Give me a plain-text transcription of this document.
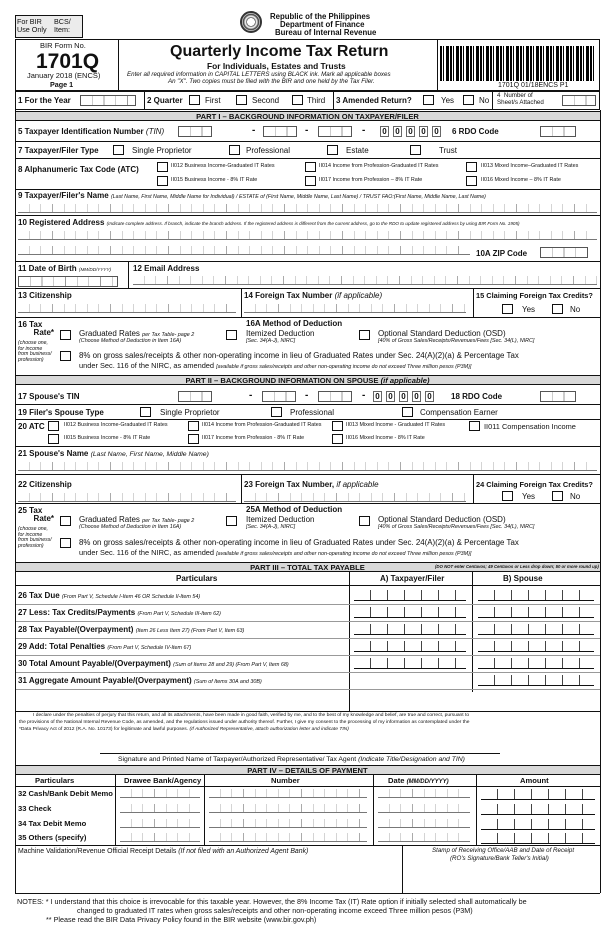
For BIR
Use Only
BCS/
Item:
Republic of the Philippines
Department of Finance
Bureau of Internal Revenue
BIR Form No.
1701Q
January 2018 (ENCS)
Page 1
Quarterly Income Tax Return
For Individuals, Estates and Trusts
Enter all required information in CAPITAL LETTERS using BLACK ink. Mark all applicable boxes
An "X". Two copies must be filed with the BIR and one held by the Tax Filer.
1701Q 01/18ENCS P1
1 For the Year	2 Quarter	First	Second	Third 3 Amended Return?	Yes	No
4  Number of
Sheet/s Attached
PART I – BACKGROUND INFORMATION ON TAXPAYER/FILER
5 Taxpayer Identification Number (TIN)	-	-	- 0 0 0 0 0 6 RDO Code
7 Taxpayer/Filer Type	Single Proprietor	Professional	Estate	Trust
8 Alphanumeric Tax Code (ATC)	II012 Business Income-Graduated IT Rates	II014 Income from Profession-Graduated IT Rates	II013 Mixed Income–Graduated IT Rates
II015 Business Income - 8% IT Rate	II017 Income from Profession – 8% IT Rate	II016 Mixed Income – 8% IT Rate
9 Taxpayer/Filer's Name (Last Name, First Name, Middle Name for Individual) / ESTATE of (First Name, Middle Name, Last Name) / TRUST FAO:(First Name, Middle Name, Last Name)
10 Registered Address (Indicate complete address. If branch, indicate the branch address. If the registered address is different from the current address, go to the RDO to update registered address by using BIR Form No. 1905)
10A ZIP Code
11 Date of Birth (MM/DD/YYYY)	12 Email Address
13 Citizenship	14 Foreign Tax Number (if applicable)	15 Claiming Foreign Tax Credits?
Yes	No
16 Tax
Rate*
(choose one,
for income
from business/
profession)
Graduated Rates per Tax Table- page 2
(Choose Method of Deduction in Item 16A)
16A Method of Deduction
Itemized Deduction
[Sec. 34(A-J), NIRC]
Optional Standard Deduction (OSD)
[40% of Gross Sales/Receipts/Revenues/Fees [Sec. 34(L), NIRC]
8% on gross sales/receipts & other non-operating income in lieu of Graduated Rates under Sec. 24(A)(2)(a) & Percentage Tax
under Sec. 116 of the NIRC, as amended [available if gross sales/receipts and other non-operating income do not exceed Three million pesos (P3M)]
PART II – BACKGROUND INFORMATION ON SPOUSE (if applicable)
17 Spouse's TIN	-	-	- 0 0 0 0 0 18 RDO Code
19 Filer's Spouse Type	Single Proprietor	Professional	Compensation Earner
20 ATC	II012 Business Income-Graduated IT Rates	II014 Income from Profession-Graduated IT Rates	II013 Mixed Income - Graduated IT Rates	II011 Compensation Income
II015 Business Income - 8% IT Rate	II017 Income from Profession - 8% IT Rate	II016 Mixed Income - 8% IT Rate
21 Spouse's Name (Last Name, First Name, Middle Name)
22 Citizenship	23 Foreign Tax Number, if applicable	24 Claiming Foreign Tax Credits?
Yes	No
25 Tax
Rate*
(choose one,
for income
from business/
profession)
Graduated Rates per Tax Table- page 2
(Choose Method of Deduction in Item 16A)
25A Method of Deduction
Itemized Deduction
[Sec. 34(A-J), NIRC]
Optional Standard Deduction (OSD)
[40% of Gross Sales/Receipts/Revenues/Fees [Sec. 34(L), NIRC]
8% on gross sales/receipts & other non-operating income in lieu of Graduated Rates under Sec. 24(A)(2)(a) & Percentage Tax
under Sec. 116 of the NIRC, as amended [available if gross sales/receipts and other non-operating income do not exceed Three million pesos (P3M)]
PART III – TOTAL TAX PAYABLE	(DO NOT enter Centavos; 49 Centavos or Less drop down; 50 or more round up)
Particulars	A) Taxpayer/Filer	B) Spouse
26 Tax Due (From Part V, Schedule I-Item 46 OR Schedule II-Item 54)
27 Less: Tax Credits/Payments (From Part V, Schedule III-Item 62)
28 Tax Payable/(Overpayment) (Item 26 Less Item 27) (From Part V, Item 63)
29 Add: Total Penalties (From Part V, Schedule IV-Item 67)
30 Total Amount Payable/(Overpayment) (Sum of Items 28 and 29) (From Part V, Item 68)
31 Aggregate Amount Payable/(Overpayment) (Sum of Items 30A and 30B)
I declare under the penalties of perjury that this return, and all its attachments, have been made in good faith, verified by me, and to the best of my knowledge and belief, are true and correct, pursuant to
the provisions of the National Internal Revenue Code, as amended, and the regulations issued under authority thereof. Further, I give my consent to the processing of my information as contemplated under the
*Data Privacy Act of 2012 (R.A. No. 10173) for legitimate and lawful purposes. (If Authorized Representative, attach authorization letter and indicate TIN)
Signature and Printed Name of Taxpayer/Authorized Representative/ Tax Agent (Indicate Title/Designation and TIN)
PART IV – DETAILS OF PAYMENT
Particulars	Drawee Bank/Agency	Number	Date (MM/DD/YYYY)	Amount
32 Cash/Bank Debit Memo
33 Check
34 Tax Debit Memo
35 Others (specify)
Machine Validation/Revenue Official Receipt Details (If not filed with an Authorized Agent Bank)	Stamp of Receiving Office/AAB and Date of Receipt
(RO's Signature/Bank Teller's Initial)
NOTES: * I understand that this choice is irrevocable for this taxable year. However, the 8% Income Tax (IT) Rate option if initially selected shall automatically be
changed to graduated IT rates when gross sales/receipts and other non-operating income exceed Three million pesos (P3M)
** Please read the BIR Data Privacy Policy found in the BIR website (www.bir.gov.ph)
